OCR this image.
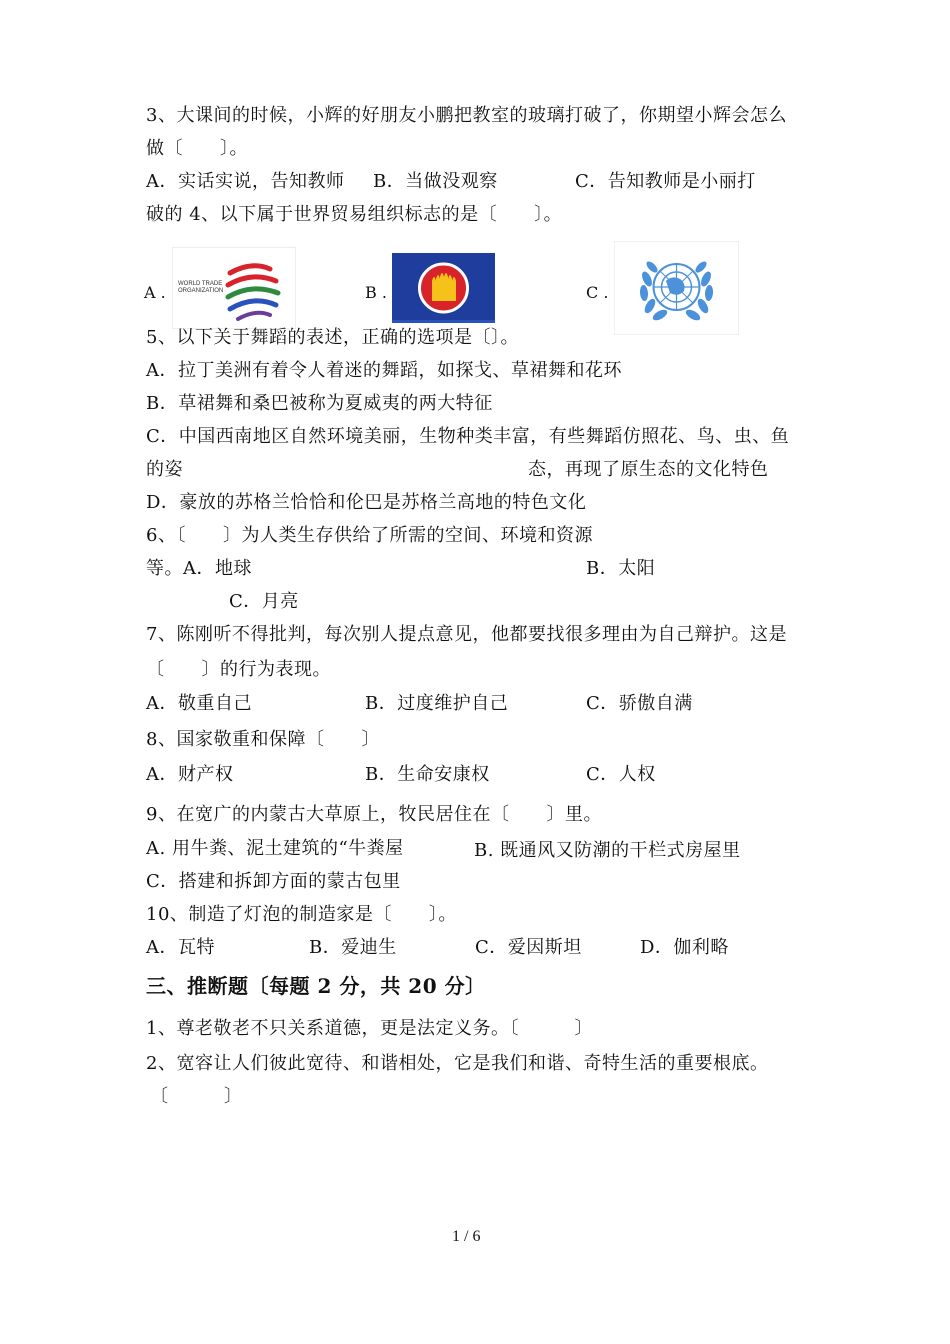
3、大课间的时候，小辉的好朋友小鹏把教室的玻璃打破了，你期望小辉会怎么
做〔　　〕。
A．实话实说，告知教师 B．当做没观察	C．告知教师是小丽打
破的 4、以下属于世界贸易组织标志的是〔　　〕。
A . WORLD TRADE
ORGANIZATION	B .	C .
5、以下关于舞蹈的表述，正确的选项是〔〕。
A．拉丁美洲有着令人着迷的舞蹈，如探戈、草裙舞和花环
B．草裙舞和桑巴被称为夏威夷的两大特征
C．中国西南地区自然环境美丽，生物种类丰富，有些舞蹈仿照花、鸟、虫、鱼
的姿	态，再现了原生态的文化特色
D．豪放的苏格兰恰恰和伦巴是苏格兰高地的特色文化
6、〔　　〕为人类生存供给了所需的空间、环境和资源
等。A．地球	B．太阳
C．月亮
7、陈刚听不得批判，每次别人提点意见，他都要找很多理由为自己辩护。这是
〔　　〕的行为表现。
A．敬重自己	B．过度维护自己	C．骄傲自满
8、国家敬重和保障〔　　〕
A．财产权	B．生命安康权	C．人权
9、在宽广的内蒙古大草原上，牧民居住在〔　　〕里。
A. 用牛粪、泥土建筑的“牛粪屋	B. 既通风又防潮的干栏式房屋里
C．搭建和拆卸方面的蒙古包里
10、制造了灯泡的制造家是〔　　〕。
A．瓦特	B．爱迪生	C．爱因斯坦	D．伽利略
三、推断题〔每题 2 分，共 20 分〕
1、尊老敬老不只关系道德，更是法定义务。〔　　　〕
2、宽容让人们彼此宽待、和谐相处，它是我们和谐、奇特生活的重要根底。
〔　　　〕
1 / 6
